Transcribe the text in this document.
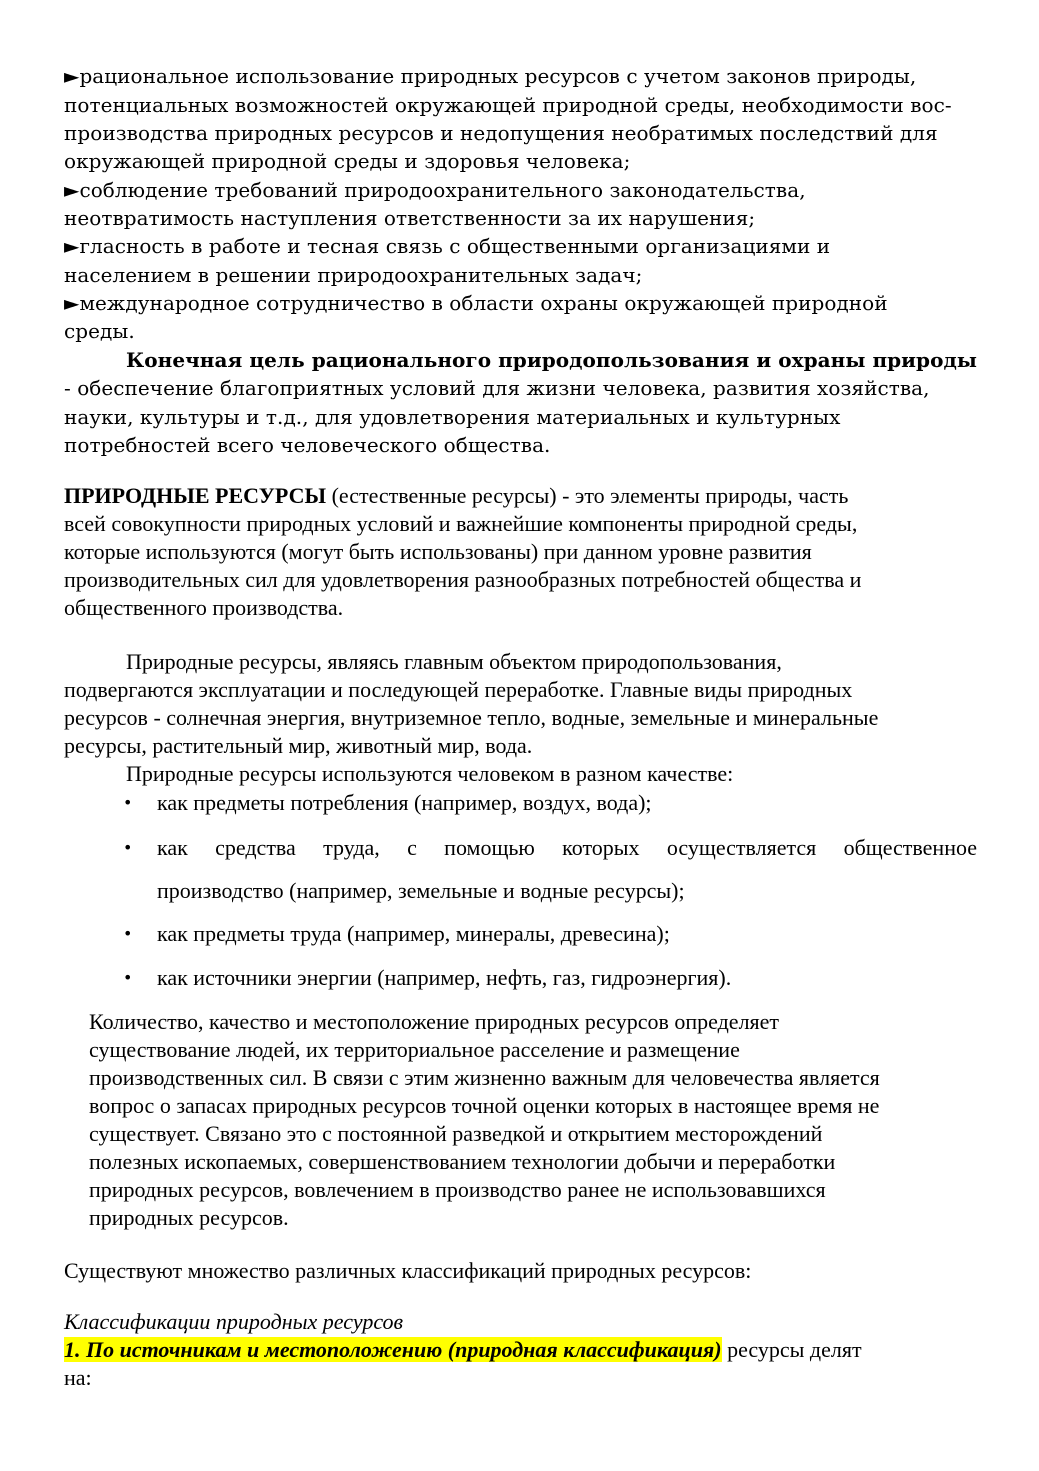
►рациональное использование природных ресурсов с учетом законов природы,

потенциальных возможностей окружающей природной среды, необходимости вос-

производства природных ресурсов и недопущения необратимых последствий для

окружающей природной среды и здоровья человека;

►соблюдение требований природоохранительного законодательства,

неотвратимость наступления ответственности за их нарушения;

►гласность в работе и тесная связь с общественными организациями и

населением в решении природоохранительных задач;

►международное сотрудничество в области охраны окружающей природной

среды.

Конечная цель рационального природопользования и охраны природы

- обеспечение благоприятных условий для жизни человека, развития хозяйства,

науки, культуры и т.д., для удовлетворения материальных и культурных

потребностей всего человеческого общества.

ПРИРОДНЫЕ РЕСУРСЫ (естественные ресурсы) - это элементы природы, часть

всей совокупности природных условий и важнейшие компоненты природной среды,

которые используются (могут быть использованы) при данном уровне развития

производительных сил для удовлетворения разнообразных потребностей общества и

общественного производства.

Природные ресурсы, являясь главным объектом природопользования,

подвергаются эксплуатации и последующей переработке. Главные виды природных

ресурсов - солнечная энергия, внутриземное тепло, водные, земельные и минеральные

ресурсы, растительный мир, животный мир, вода.

Природные ресурсы используются человеком в разном качестве:

• как предметы потребления (например, воздух, вода);

• как средства труда, с помощью которых осуществляется общественное

производство (например, земельные и водные ресурсы);

• как предметы труда (например, минералы, древесина);

• как источники энергии (например, нефть, газ, гидроэнергия).

Количество, качество и местоположение природных ресурсов определяет

существование людей, их территориальное расселение и размещение

производственных сил. В связи с этим жизненно важным для человечества является

вопрос о запасах природных ресурсов точной оценки которых в настоящее время не

существует. Связано это с постоянной разведкой и открытием месторождений

полезных ископаемых, совершенствованием технологии добычи и переработки

природных ресурсов, вовлечением в производство ранее не использовавшихся

природных ресурсов.

Существуют множество различных классификаций природных ресурсов:

Классификации природных ресурсов

1. По источникам и местоположению (природная классификация) ресурсы делят

на:
